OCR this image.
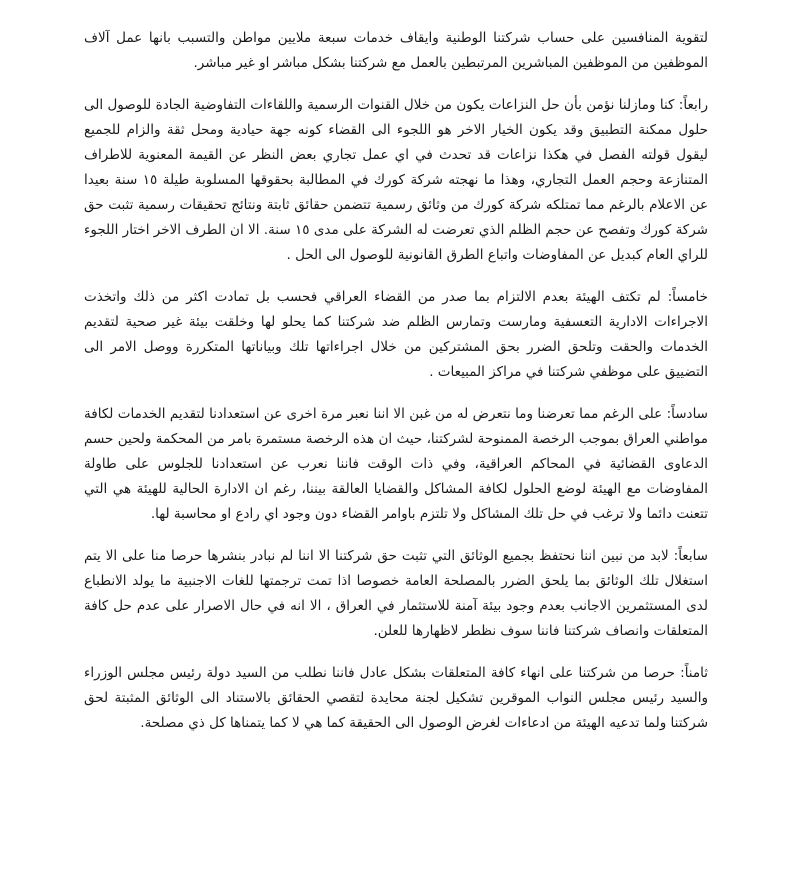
لتقوية المنافسين على حساب شركتنا الوطنية وايقاف خدمات سبعة ملايين مواطن والتسبب بانها عمل آلاف الموظفين من الموظفين المباشرين المرتبطين بالعمل مع شركتنا بشكل مباشر او غير مباشر.

رابعاً: كنا ومازلنا نؤمن بأن حل النزاعات يكون من خلال القنوات الرسمية واللقاءات التفاوضية الجادة للوصول الى حلول ممكنة التطبيق وقد يكون الخيار الاخر هو اللجوء الى القضاء كونه جهة حيادية ومحل ثقة والزام للجميع ليقول قولته الفصل في هكذا نزاعات قد تحدث في اي عمل تجاري بعض النظر عن القيمة المعنوية للاطراف المتنازعة وحجم العمل التجاري، وهذا ما نهجته شركة كورك في المطالبة بحقوقها المسلوبة طيلة ١٥ سنة بعيدا عن الاعلام بالرغم مما تمتلكه شركة كورك من وثائق رسمية تتضمن حقائق ثابتة ونتائج تحقيقات رسمية تثبت حق شركة كورك وتفصح عن حجم الظلم الذي تعرضت له الشركة على مدى ١٥ سنة. الا ان الطرف الاخر اختار اللجوء للراي العام كبديل عن المفاوضات واتباع الطرق القانونية للوصول الى الحل .

خامساً: لم تكتف الهيئة بعدم الالتزام بما صدر من القضاء العراقي فحسب بل تمادت اكثر من ذلك واتخذت الاجراءات الادارية التعسفية ومارست وتمارس الظلم ضد شركتنا كما يحلو لها وخلقت بيئة غير صحية لتقديم الخدمات والحقت وتلحق الضرر بحق المشتركين من خلال اجراءاتها تلك وبياناتها المتكررة ووصل الامر الى التضييق على موظفي شركتنا في مراكز المبيعات .

سادساً: على الرغم مما تعرضنا وما نتعرض له من غبن الا اننا نعبر مرة اخرى عن استعدادنا لتقديم الخدمات لكافة مواطني العراق بموجب الرخصة الممنوحة لشركتنا، حيث ان هذه الرخصة مستمرة بامر من المحكمة ولحين حسم الدعاوى القضائية في المحاكم العراقية، وفي ذات الوقت فاننا نعرب عن استعدادنا للجلوس على طاولة المفاوضات مع الهيئة لوضع الحلول لكافة المشاكل والقضايا العالقة بيننا، رغم ان الادارة الحالية للهيئة هي التي تتعنت دائما ولا ترغب في حل تلك المشاكل ولا تلتزم باوامر القضاء دون وجود اي رادع او محاسبة لها.

سابعاً: لابد من نبين اننا نحتفظ بجميع الوثائق التي تثبت حق شركتنا الا اننا لم نبادر بنشرها حرصا منا على الا يتم استغلال تلك الوثائق بما يلحق الضرر بالمصلحة العامة خصوصا اذا تمت ترجمتها للغات الاجنبية ما يولد الانطباع لدى المستثمرين الاجانب بعدم وجود بيئة آمنة للاستثمار في العراق ، الا انه في حال الاصرار على عدم حل كافة المتعلقات وانصاف شركتنا فاننا سوف نظطر لاظهارها للعلن.

ثامناً: حرصا من شركتنا على انهاء كافة المتعلقات بشكل عادل فاننا نطلب من السيد دولة رئيس مجلس الوزراء والسيد رئيس مجلس النواب الموقرين تشكيل لجنة محايدة لتقصي الحقائق بالاستناد الى الوثائق المثبتة لحق شركتنا ولما تدعيه الهيئة من ادعاءات لغرض الوصول الى الحقيقة كما هي لا كما يتمناها كل ذي مصلحة.
